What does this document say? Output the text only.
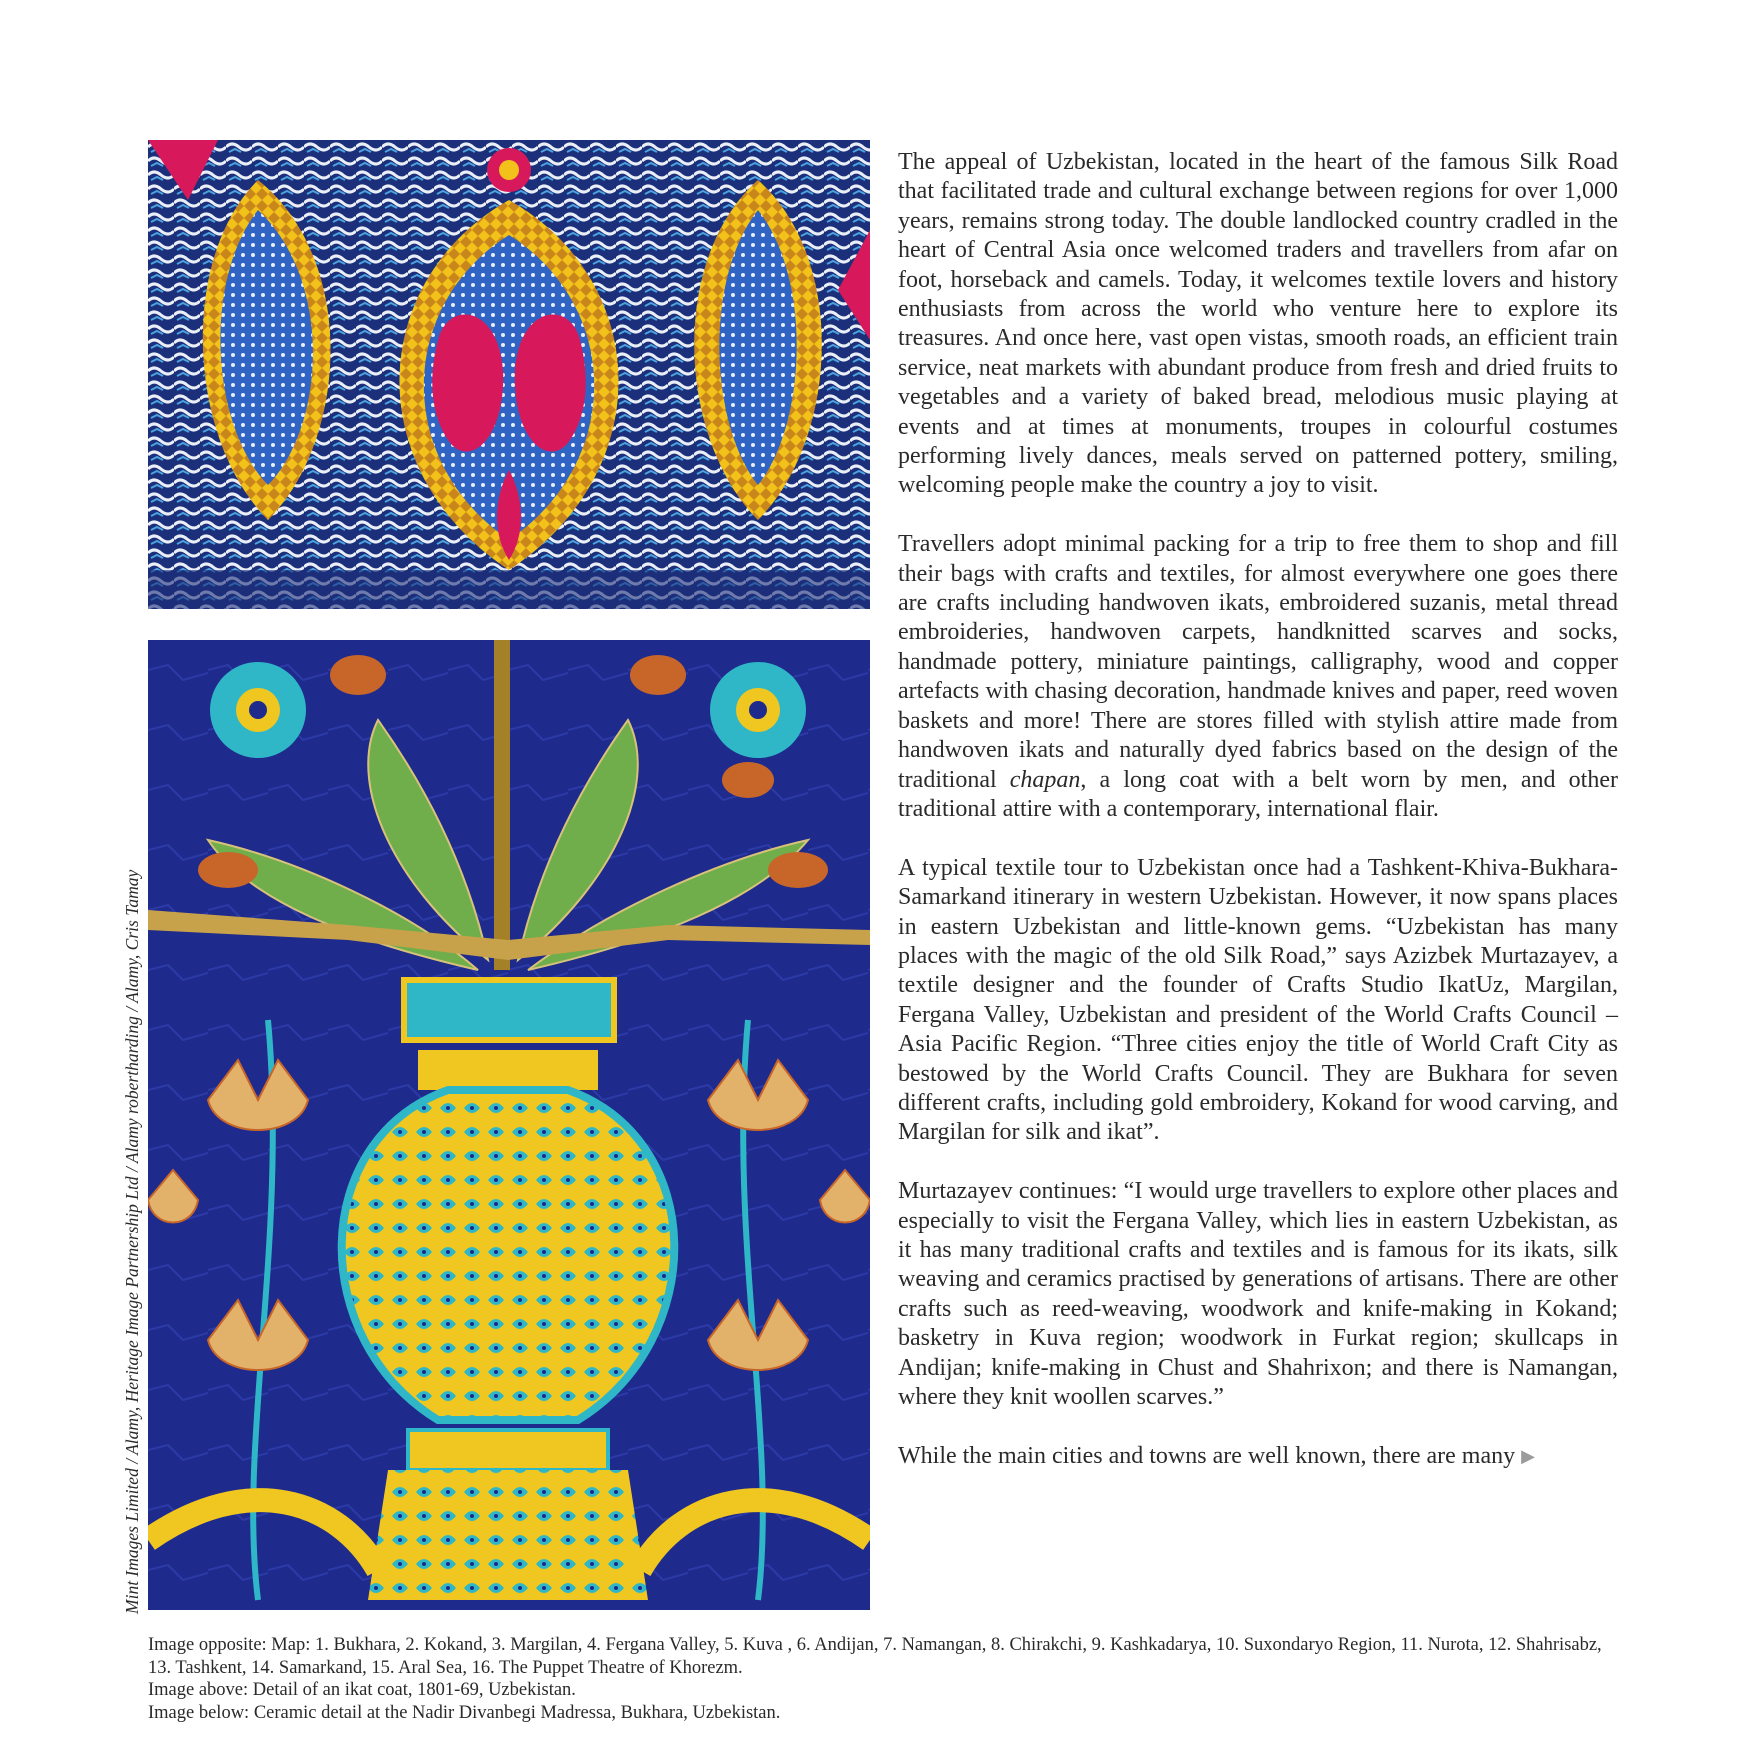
Mint Images Limited / Alamy, Heritage Image Partnership Ltd / Alamy robertharding / Alamy, Cris Tamay

The appeal of Uzbekistan, located in the heart of the famous Silk Road that facilitated trade and cultural exchange between regions for over 1,000 years, remains strong today. The double landlocked country cradled in the heart of Central Asia once welcomed traders and travellers from afar on foot, horseback and camels. Today, it welcomes textile lovers and history enthusiasts from across the world who venture here to explore its treasures. And once here, vast open vistas, smooth roads, an efficient train service, neat markets with abundant produce from fresh and dried fruits to vegetables and a variety of baked bread, melodious music playing at events and at times at monuments, troupes in colourful costumes performing lively dances, meals served on patterned pottery, smiling, welcoming people make the country a joy to visit.

Travellers adopt minimal packing for a trip to free them to shop and fill their bags with crafts and textiles, for almost everywhere one goes there are crafts including handwoven ikats, embroidered suzanis, metal thread embroideries, handwoven carpets, handknitted scarves and socks, handmade pottery, miniature paintings, calligraphy, wood and copper artefacts with chasing decoration, handmade knives and paper, reed woven baskets and more! There are stores filled with stylish attire made from handwoven ikats and naturally dyed fabrics based on the design of the traditional chapan, a long coat with a belt worn by men, and other traditional attire with a contemporary, international flair.

A typical textile tour to Uzbekistan once had a Tashkent-Khiva-Bukhara-Samarkand itinerary in western Uzbekistan. However, it now spans places in eastern Uzbekistan and little-known gems. “Uzbekistan has many places with the magic of the old Silk Road,” says Azizbek Murtazayev, a textile designer and the founder of Crafts Studio IkatUz, Margilan, Fergana Valley, Uzbekistan and president of the World Crafts Council – Asia Pacific Region. “Three cities enjoy the title of World Craft City as bestowed by the World Crafts Council. They are Bukhara for seven different crafts, including gold embroidery, Kokand for wood carving, and Margilan for silk and ikat”.

Murtazayev continues: “I would urge travellers to explore other places and especially to visit the Fergana Valley, which lies in eastern Uzbekistan, as it has many traditional crafts and textiles and is famous for its ikats, silk weaving and ceramics practised by generations of artisans. There are other crafts such as reed-weaving, woodwork and knife-making in Kokand; basketry in Kuva region; woodwork in Furkat region; skullcaps in Andijan; knife-making in Chust and Shahrixon; and there is Namangan, where they knit woollen scarves.”

While the main cities and towns are well known, there are many ▶

Image opposite: Map: 1. Bukhara, 2. Kokand, 3. Margilan, 4. Fergana Valley, 5. Kuva , 6. Andijan, 7. Namangan, 8. Chirakchi, 9. Kashkadarya, 10. Suxondaryo Region, 11. Nurota, 12. Shahrisabz, 13. Tashkent, 14. Samarkand, 15. Aral Sea, 16. The Puppet Theatre of Khorezm.
Image above: Detail of an ikat coat, 1801-69, Uzbekistan.
Image below: Ceramic detail at the Nadir Divanbegi Madressa, Bukhara, Uzbekistan.
